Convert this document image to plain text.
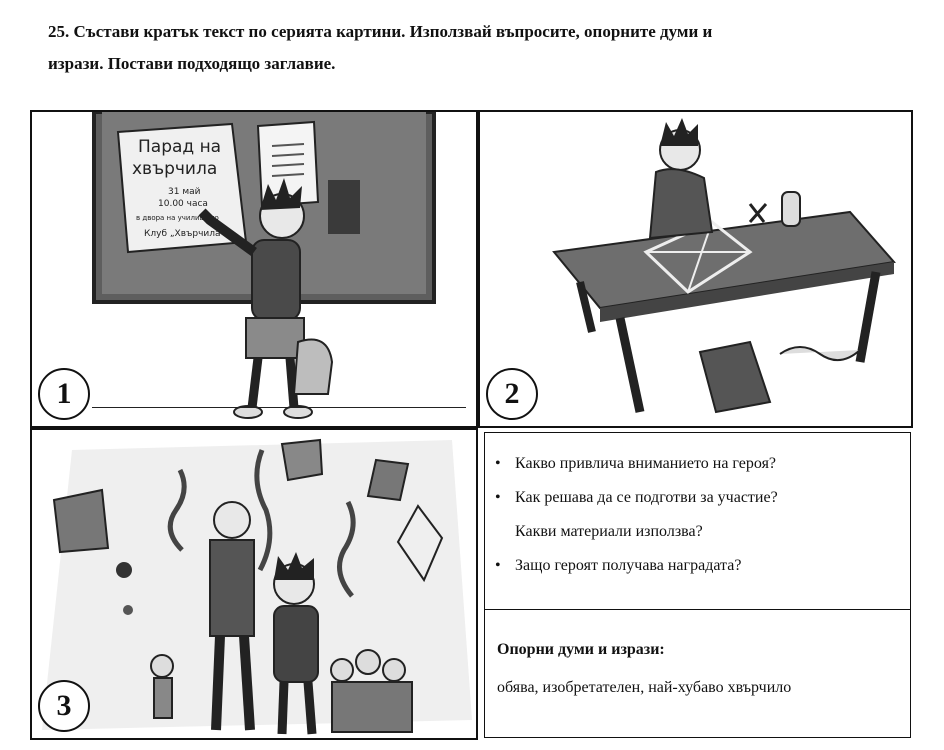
25. Състави кратък текст по серията картини. Използвай въпросите, опорните думи и
изрази. Постави подходящо заглавие.
Парад на
хвърчила
31 май
10.00 часа
в двора на училището
Клуб „Хвърчила"
1	2
3
• Какво привлича вниманието на героя?
• Как решава да се подготви за участие?
Какви материали използва?
• Защо героят получава наградата?
Опорни думи и изрази:
обява, изобретателен, най-хубаво хвърчило
